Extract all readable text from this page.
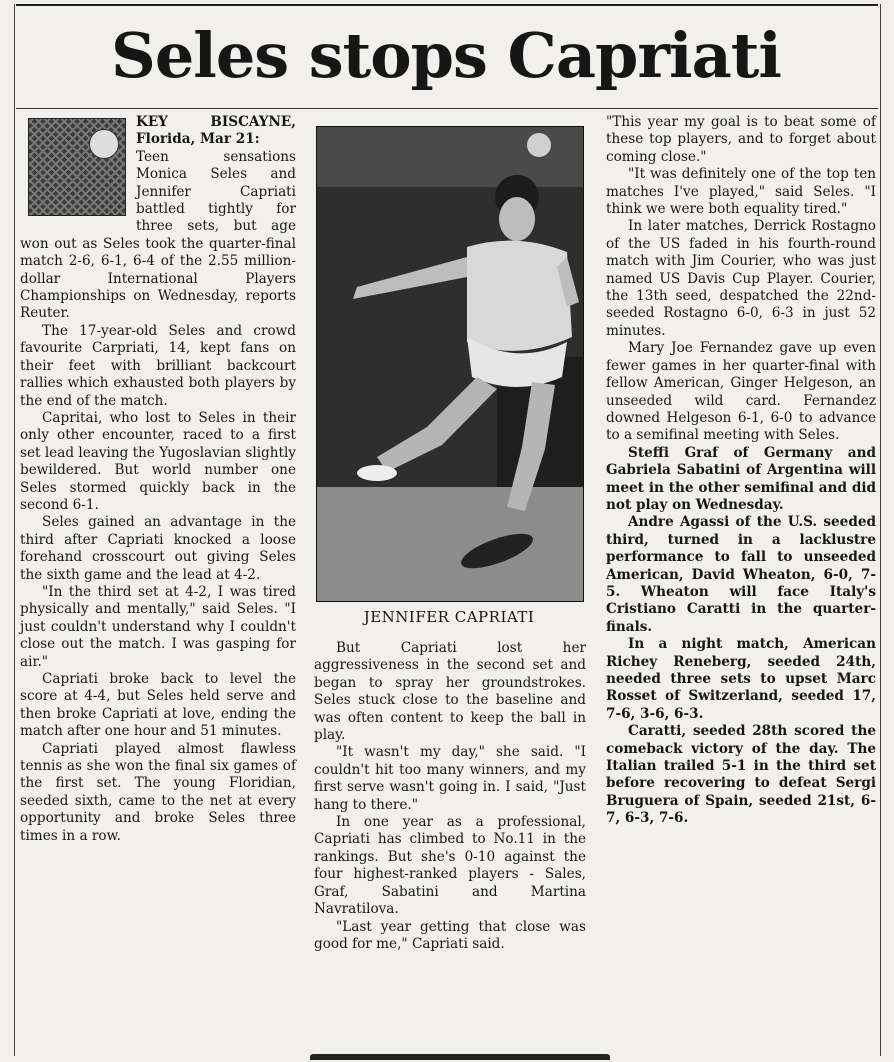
Seles stops Capriati

KEY BISCAYNE, Florida, Mar 21:

Teen sensations Monica Seles and Jennifer Capriati battled tightly for three sets, but age won out as Seles took the quarter-final match 2-6, 6-1, 6-4 of the 2.55 million-dollar International Players Championships on Wednesday, reports Reuter.

The 17-year-old Seles and crowd favourite Carpriati, 14, kept fans on their feet with brilliant backcourt rallies which exhausted both players by the end of the match.

Capritai, who lost to Seles in their only other encounter, raced to a first set lead leaving the Yugoslavian slightly bewildered. But world number one Seles stormed quickly back in the second 6-1.

Seles gained an advantage in the third after Capriati knocked a loose forehand crosscourt out giving Seles the sixth game and the lead at 4-2.

"In the third set at 4-2, I was tired physically and mentally," said Seles. "I just couldn't understand why I couldn't close out the match. I was gasping for air."

Capriati broke back to level the score at 4-4, but Seles held serve and then broke Capriati at love, ending the match after one hour and 51 minutes.

Capriati played almost flawless tennis as she won the final six games of the first set. The young Floridian, seeded sixth, came to the net at every opportunity and broke Seles three times in a row.

JENNIFER CAPRIATI

But Capriati lost her aggressiveness in the second set and began to spray her groundstrokes. Seles stuck close to the baseline and was often content to keep the ball in play.

"It wasn't my day," she said. "I couldn't hit too many winners, and my first serve wasn't going in. I said, "Just hang to there."

In one year as a professional, Capriati has climbed to No.11 in the rankings. But she's 0-10 against the four highest-ranked players - Sales, Graf, Sabatini and Martina Navratilova.

"Last year getting that close was good for me," Capriati said.

"This year my goal is to beat some of these top players, and to forget about coming close."

"It was definitely one of the top ten matches I've played," said Seles. "I think we were both equality tired."

In later matches, Derrick Rostagno of the US faded in his fourth-round match with Jim Courier, who was just named US Davis Cup Player. Courier, the 13th seed, despatched the 22nd-seeded Rostagno 6-0, 6-3 in just 52 minutes.

Mary Joe Fernandez gave up even fewer games in her quarter-final with fellow American, Ginger Helgeson, an unseeded wild card. Fernandez downed Helgeson 6-1, 6-0 to advance to a semifinal meeting with Seles.

Steffi Graf of Germany and Gabriela Sabatini of Argentina will meet in the other semifinal and did not play on Wednesday.

Andre Agassi of the U.S. seeded third, turned in a lacklustre performance to fall to unseeded American, David Wheaton, 6-0, 7-5. Wheaton will face Italy's Cristiano Caratti in the quarter-finals.

In a night match, American Richey Reneberg, seeded 24th, needed three sets to upset Marc Rosset of Switzerland, seeded 17, 7-6, 3-6, 6-3.

Caratti, seeded 28th scored the comeback victory of the day. The Italian trailed 5-1 in the third set before recovering to defeat Sergi Bruguera of Spain, seeded 21st, 6-7, 6-3, 7-6.
